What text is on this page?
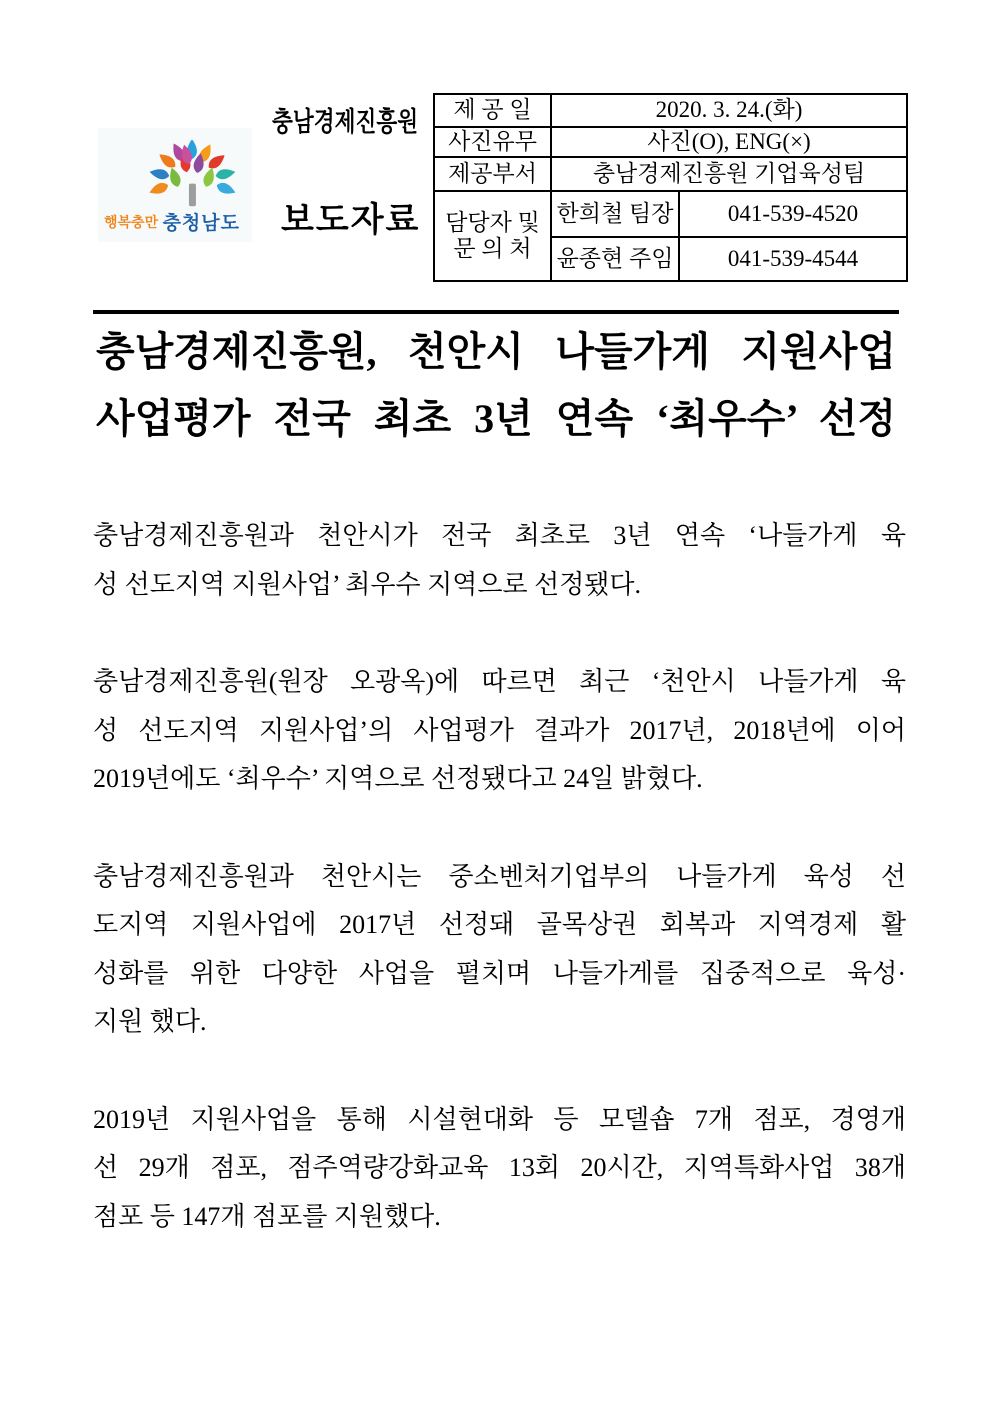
행복충만 충청남도
충남경제진흥원
보도자료
제 공 일	2020. 3. 24.(화)	
사진유무	사진(O), ENG(×)	
제공부서	충남경제진흥원 기업육성팀	

담당자 및
문 의 처	한희철 팀장	041-539-4520
	윤종현 주임	041-539-4544
충남경제진흥원, 천안시 나들가게 지원사업
사업평가 전국 최초 3년 연속 ‘최우수’ 선정
충남경제진흥원과 천안시가 전국 최초로 3년 연속 ‘나들가게 육
성 선도지역 지원사업’ 최우수 지역으로 선정됐다.
충남경제진흥원(원장 오광옥)에 따르면 최근 ‘천안시 나들가게 육
성 선도지역 지원사업’의 사업평가 결과가 2017년, 2018년에 이어
2019년에도 ‘최우수’ 지역으로 선정됐다고 24일 밝혔다.
충남경제진흥원과 천안시는 중소벤처기업부의 나들가게 육성 선
도지역 지원사업에 2017년 선정돼 골목상권 회복과 지역경제 활
성화를 위한 다양한 사업을 펼치며 나들가게를 집중적으로 육성·
지원 했다.
2019년 지원사업을 통해 시설현대화 등 모델숍 7개 점포, 경영개
선 29개 점포, 점주역량강화교육 13회 20시간, 지역특화사업 38개
점포 등 147개 점포를 지원했다.
